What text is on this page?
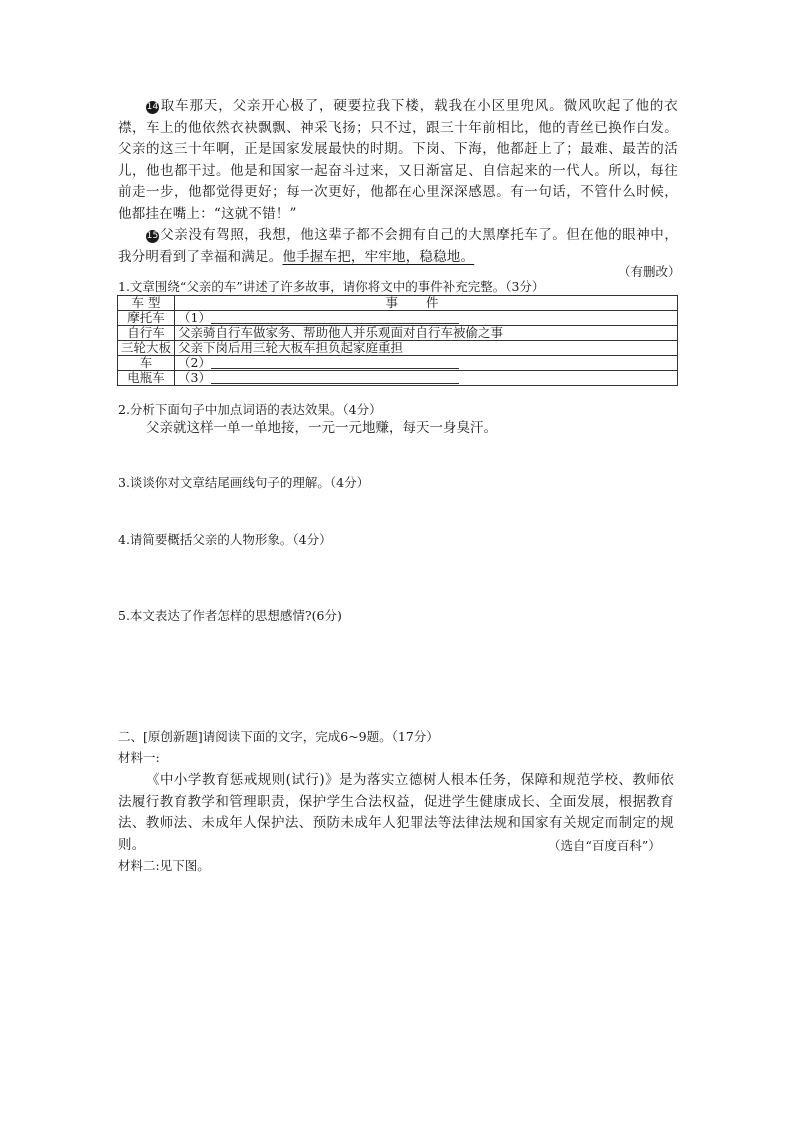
14 取车那天，父亲开心极了，硬要拉我下楼，载我在小区里兜风。微风吹起了他的衣襟，车上的他依然衣袂飘飘、神采飞扬；只不过，跟三十年前相比，他的青丝已换作白发。父亲的这三十年啊，正是国家发展最快的时期。下岗、下海，他都赶上了；最难、最苦的活儿，他也都干过。他是和国家一起奋斗过来，又日渐富足、自信起来的一代人。所以，每往前走一步，他都觉得更好；每一次更好，他都在心里深深感恩。有一句话，不管什么时候，他都挂在嘴上：“这就不错！”
15 父亲没有驾照，我想，他这辈子都不会拥有自己的大黑摩托车了。但在他的眼神中，我分明看到了幸福和满足。他手握车把，牢牢地，稳稳地。
（有删改）
1.文章围绕“父亲的车”讲述了许多故事，请你将文中的事件补充完整。（3分）
车 型	事件
摩托车	（1）
自行车	父亲骑自行车做家务、帮助他人并乐观面对自行车被偷之事
三轮大板	父亲下岗后用三轮大板车担负起家庭重担
车	（2）
电瓶车	（3）
2.分析下面句子中加点词语的表达效果。（4分）
父亲就这样一单一单地接，一元一元地赚，每天一身臭汗。
3.谈谈你对文章结尾画线句子的理解。（4分）
4.请简要概括父亲的人物形象。（4分）
5.本文表达了作者怎样的思想感情?(6分)
二、[原创新题]请阅读下面的文字，完成6~9题。（17分）
材料一:
《中小学教育惩戒规则(试行)》是为落实立德树人根本任务，保障和规范学校、教师依法履行教育教学和管理职责，保护学生合法权益，促进学生健康成长、全面发展，根据教育法、教师法、未成年人保护法、预防未成年人犯罪法等法律法规和国家有关规定而制定的规则。	（选自“百度百科”）
材料二:见下图。
